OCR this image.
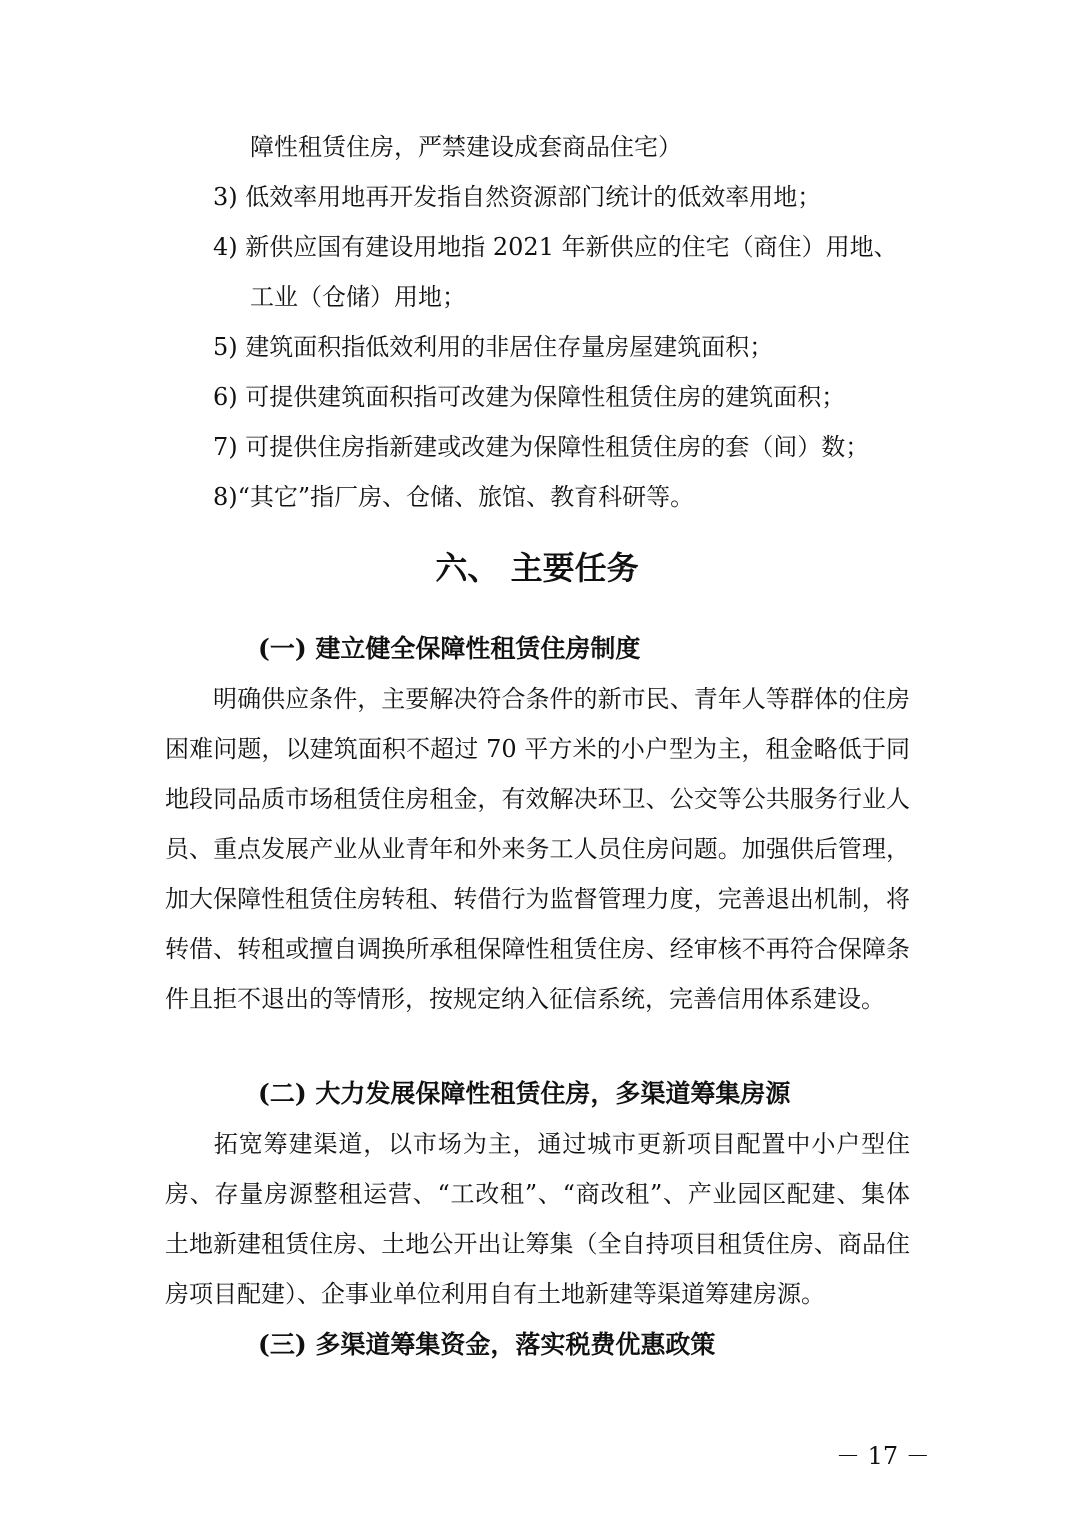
障性租赁住房，严禁建设成套商品住宅）
3) 低效率用地再开发指自然资源部门统计的低效率用地；
4) 新供应国有建设用地指 2021 年新供应的住宅（商住）用地、
工业（仓储）用地；
5) 建筑面积指低效利用的非居住存量房屋建筑面积；
6) 可提供建筑面积指可改建为保障性租赁住房的建筑面积；
7) 可提供住房指新建或改建为保障性租赁住房的套（间）数；
8)“其它”指厂房、仓储、旅馆、教育科研等。
六、 主要任务
(一) 建立健全保障性租赁住房制度
明确供应条件，主要解决符合条件的新市民、青年人等群体的住房困难问题，以建筑面积不超过 70 平方米的小户型为主，租金略低于同地段同品质市场租赁住房租金，有效解决环卫、公交等公共服务行业人员、重点发展产业从业青年和外来务工人员住房问题。加强供后管理，加大保障性租赁住房转租、转借行为监督管理力度，完善退出机制，将转借、转租或擅自调换所承租保障性租赁住房、经审核不再符合保障条件且拒不退出的等情形，按规定纳入征信系统，完善信用体系建设。
(二) 大力发展保障性租赁住房，多渠道筹集房源
拓宽筹建渠道，以市场为主，通过城市更新项目配置中小户型住房、存量房源整租运营、“工改租”、“商改租”、产业园区配建、集体土地新建租赁住房、土地公开出让筹集（全自持项目租赁住房、商品住房项目配建）、企事业单位利用自有土地新建等渠道筹建房源。
(三) 多渠道筹集资金，落实税费优惠政策
－ 17 －
